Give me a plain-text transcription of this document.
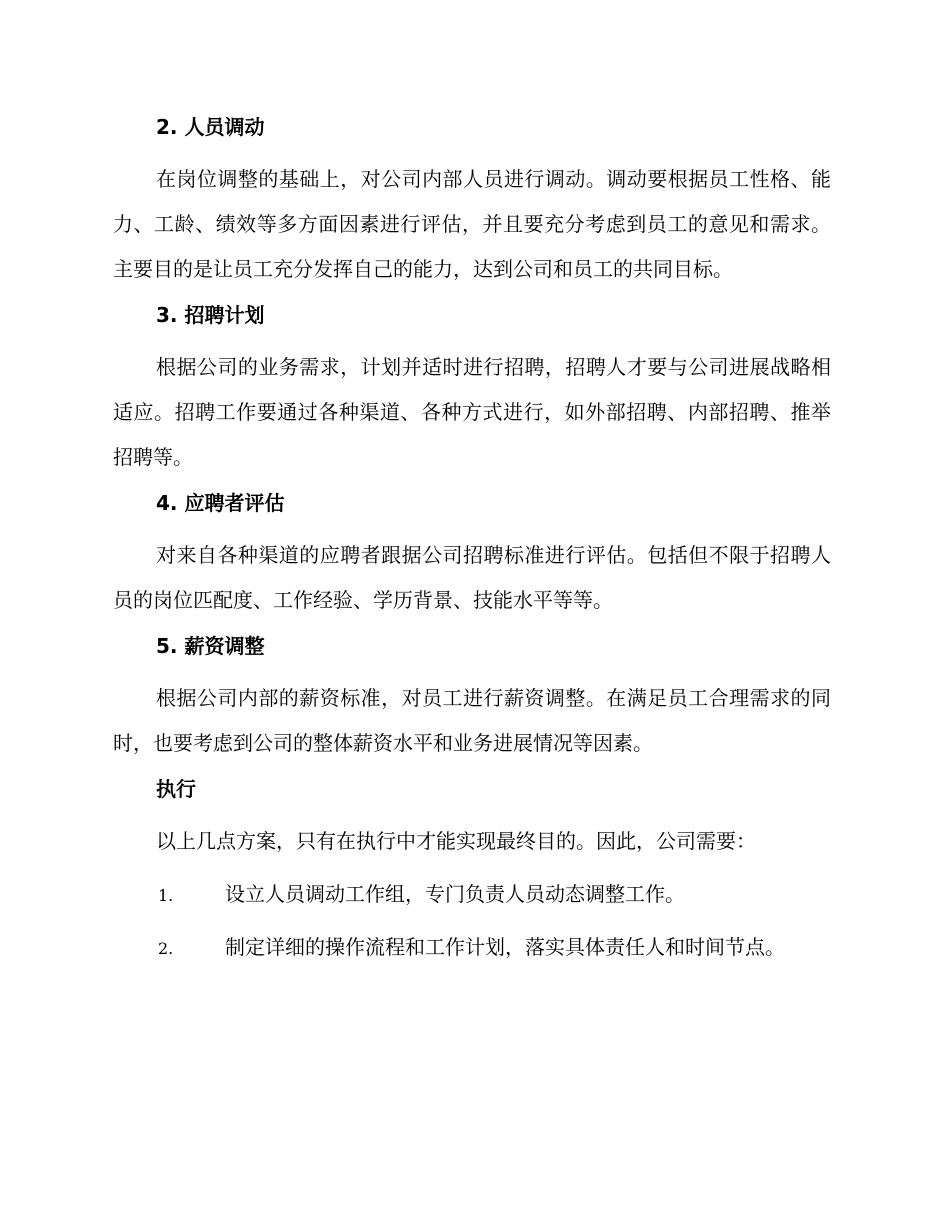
2. 人员调动

在岗位调整的基础上，对公司内部人员进行调动。调动要根据员工性格、能力、工龄、绩效等多方面因素进行评估，并且要充分考虑到员工的意见和需求。主要目的是让员工充分发挥自己的能力，达到公司和员工的共同目标。

3. 招聘计划

根据公司的业务需求，计划并适时进行招聘，招聘人才要与公司进展战略相适应。招聘工作要通过各种渠道、各种方式进行，如外部招聘、内部招聘、推举招聘等。

4. 应聘者评估

对来自各种渠道的应聘者跟据公司招聘标准进行评估。包括但不限于招聘人员的岗位匹配度、工作经验、学历背景、技能水平等等。

5. 薪资调整

根据公司内部的薪资标准，对员工进行薪资调整。在满足员工合理需求的同时，也要考虑到公司的整体薪资水平和业务进展情况等因素。

执行

以上几点方案，只有在执行中才能实现最终目的。因此，公司需要：

1.	设立人员调动工作组，专门负责人员动态调整工作。
2.	制定详细的操作流程和工作计划，落实具体责任人和时间节点。
